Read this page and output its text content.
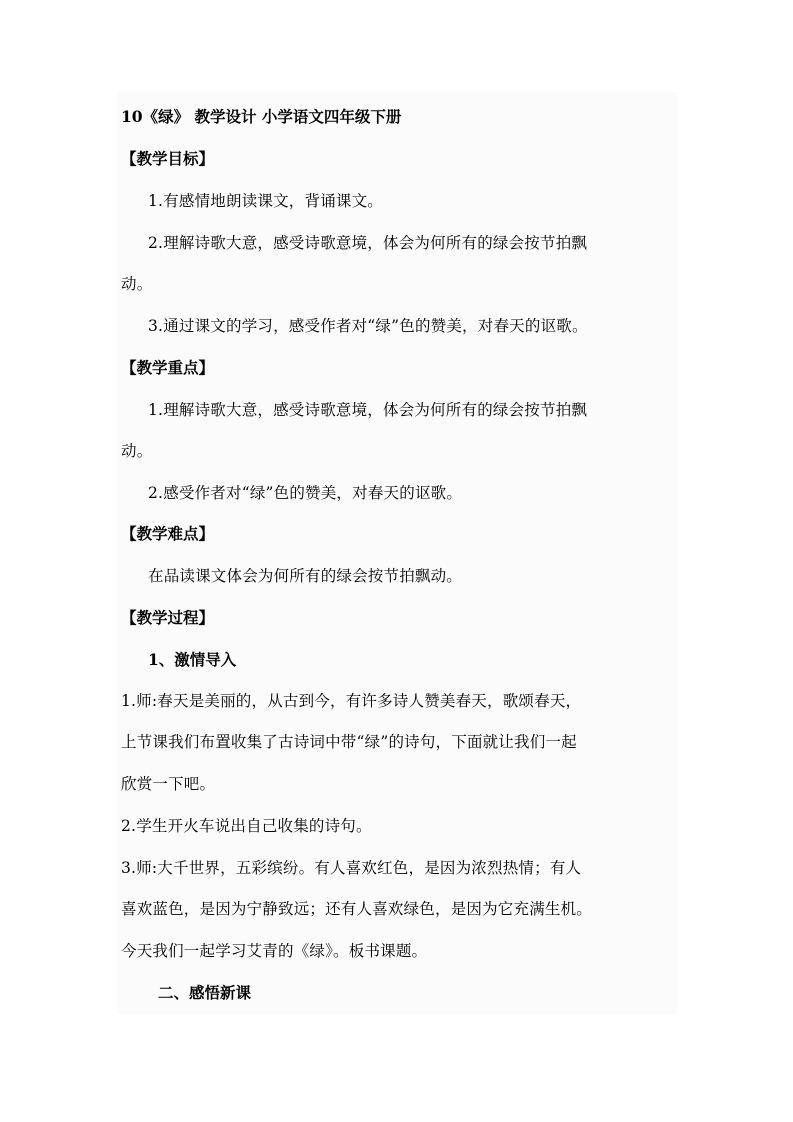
10《绿》 教学设计 小学语文四年级下册

【教学目标】

1.有感情地朗读课文，背诵课文。

2.理解诗歌大意，感受诗歌意境，体会为何所有的绿会按节拍飘

动。

3.通过课文的学习，感受作者对“绿”色的赞美，对春天的讴歌。

【教学重点】

1.理解诗歌大意，感受诗歌意境，体会为何所有的绿会按节拍飘

动。

2.感受作者对“绿”色的赞美，对春天的讴歌。

【教学难点】

在品读课文体会为何所有的绿会按节拍飘动。

【教学过程】

1、激情导入

1.师:春天是美丽的，从古到今，有许多诗人赞美春天，歌颂春天，

上节课我们布置收集了古诗词中带“绿”的诗句，下面就让我们一起

欣赏一下吧。

2.学生开火车说出自己收集的诗句。

3.师:大千世界，五彩缤纷。有人喜欢红色，是因为浓烈热情；有人

喜欢蓝色，是因为宁静致远；还有人喜欢绿色，是因为它充满生机。

今天我们一起学习艾青的《绿》。板书课题。

二、感悟新课
